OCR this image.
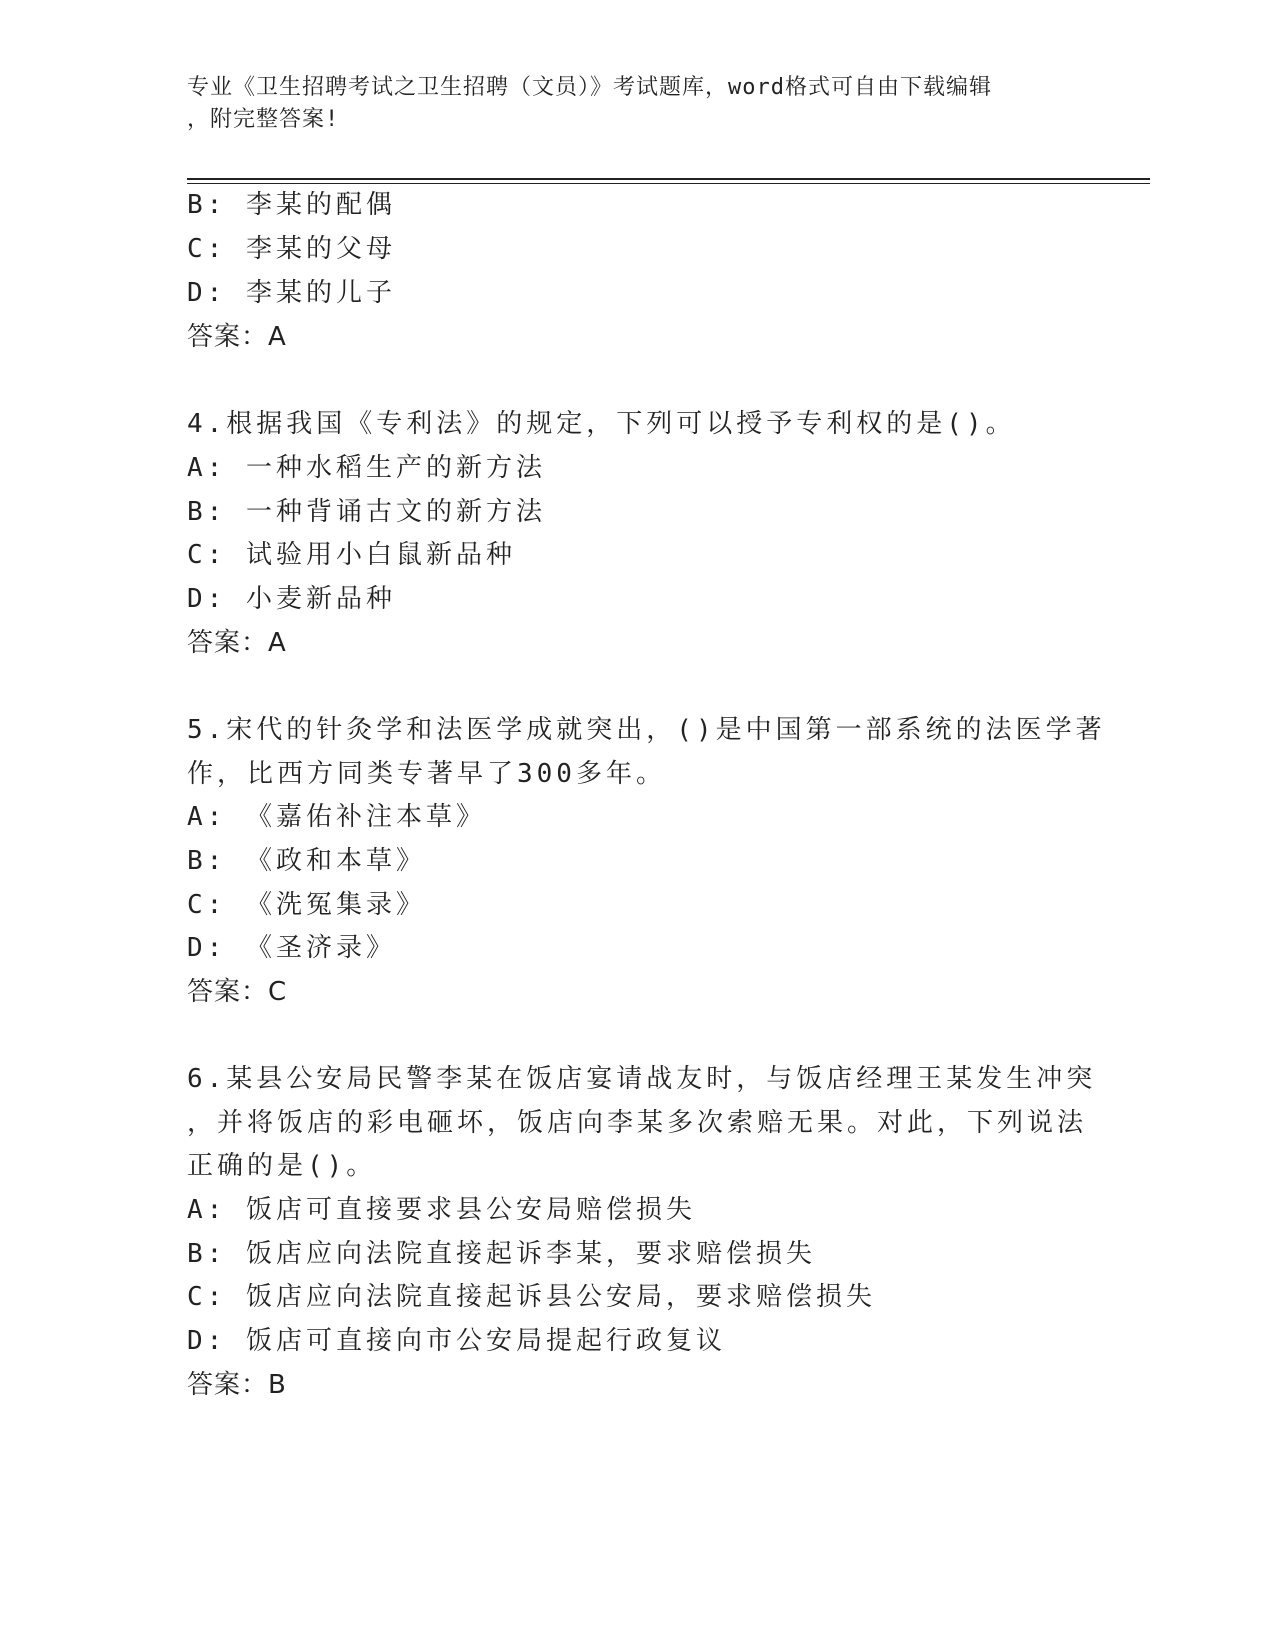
专业《卫生招聘考试之卫生招聘（文员）》考试题库，word格式可自由下载编辑
，附完整答案!
B: 李某的配偶
C: 李某的父母
D: 李某的儿子
答案：A
4.根据我国《专利法》的规定，下列可以授予专利权的是()。
A: 一种水稻生产的新方法
B: 一种背诵古文的新方法
C: 试验用小白鼠新品种
D: 小麦新品种
答案：A
5.宋代的针灸学和法医学成就突出，()是中国第一部系统的法医学著
作，比西方同类专著早了300多年。
A: 《嘉佑补注本草》
B: 《政和本草》
C: 《洗冤集录》
D: 《圣济录》
答案：C
6.某县公安局民警李某在饭店宴请战友时，与饭店经理王某发生冲突
，并将饭店的彩电砸坏，饭店向李某多次索赔无果。对此，下列说法
正确的是()。
A: 饭店可直接要求县公安局赔偿损失
B: 饭店应向法院直接起诉李某，要求赔偿损失
C: 饭店应向法院直接起诉县公安局，要求赔偿损失
D: 饭店可直接向市公安局提起行政复议
答案：B
